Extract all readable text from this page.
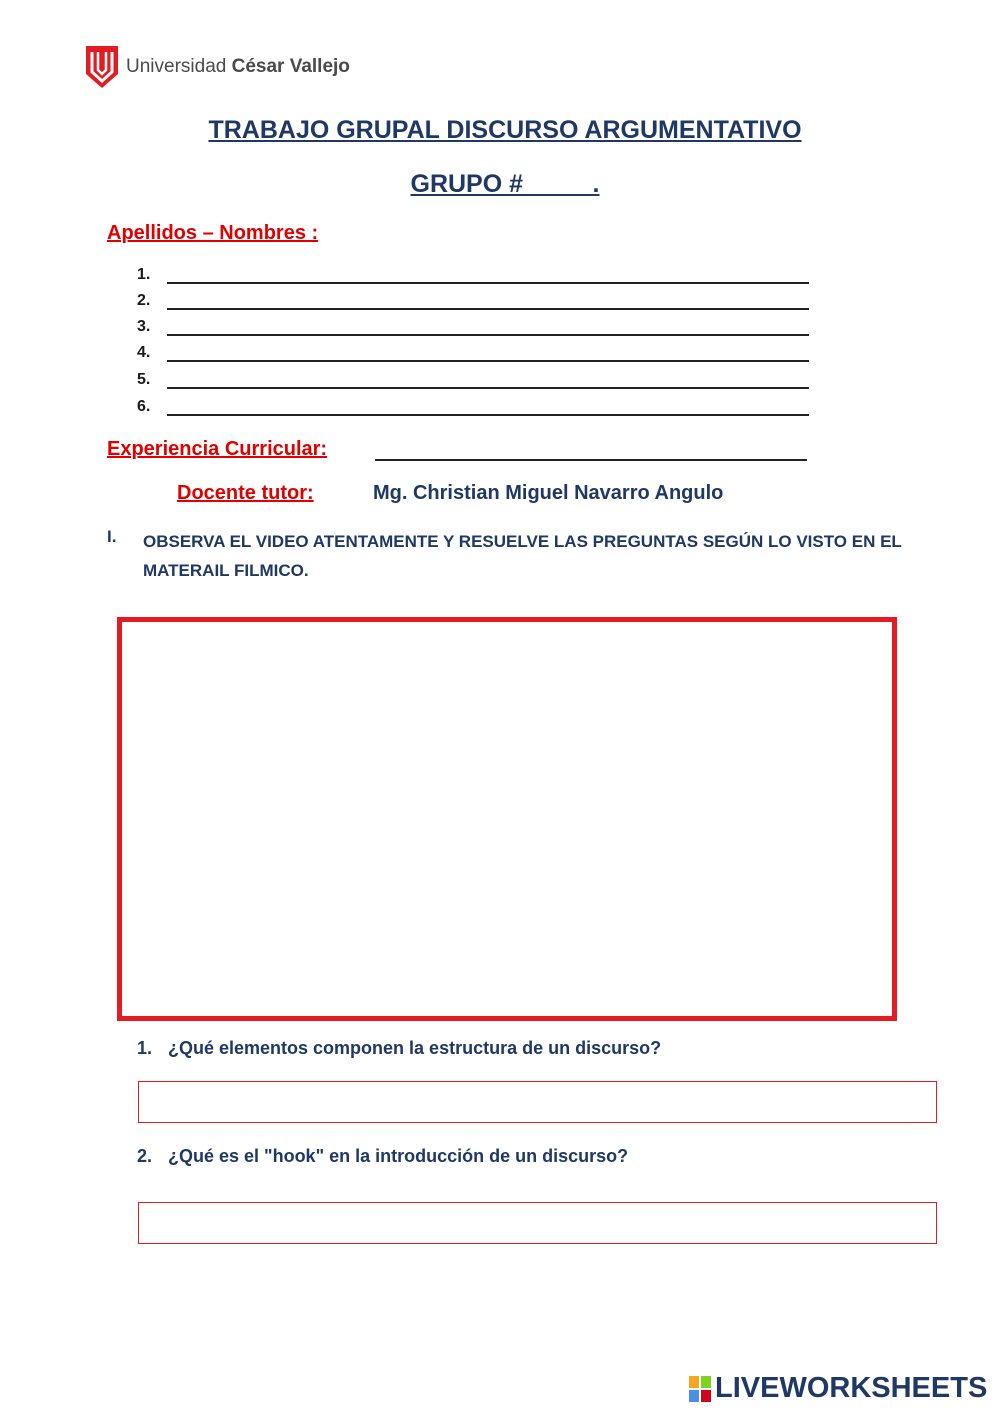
Universidad César Vallejo
TRABAJO GRUPAL DISCURSO ARGUMENTATIVO
GRUPO #_____.
Apellidos – Nombres :
1.
2.
3.
4.
5.
6.
Experiencia Curricular:
Docente tutor:	Mg. Christian Miguel Navarro Angulo
I. OBSERVA EL VIDEO ATENTAMENTE Y RESUELVE LAS PREGUNTAS SEGÚN LO VISTO EN EL MATERAIL FILMICO.
1. ¿Qué elementos componen la estructura de un discurso?
2. ¿Qué es el "hook" en la introducción de un discurso?
LIVEWORKSHEETS
